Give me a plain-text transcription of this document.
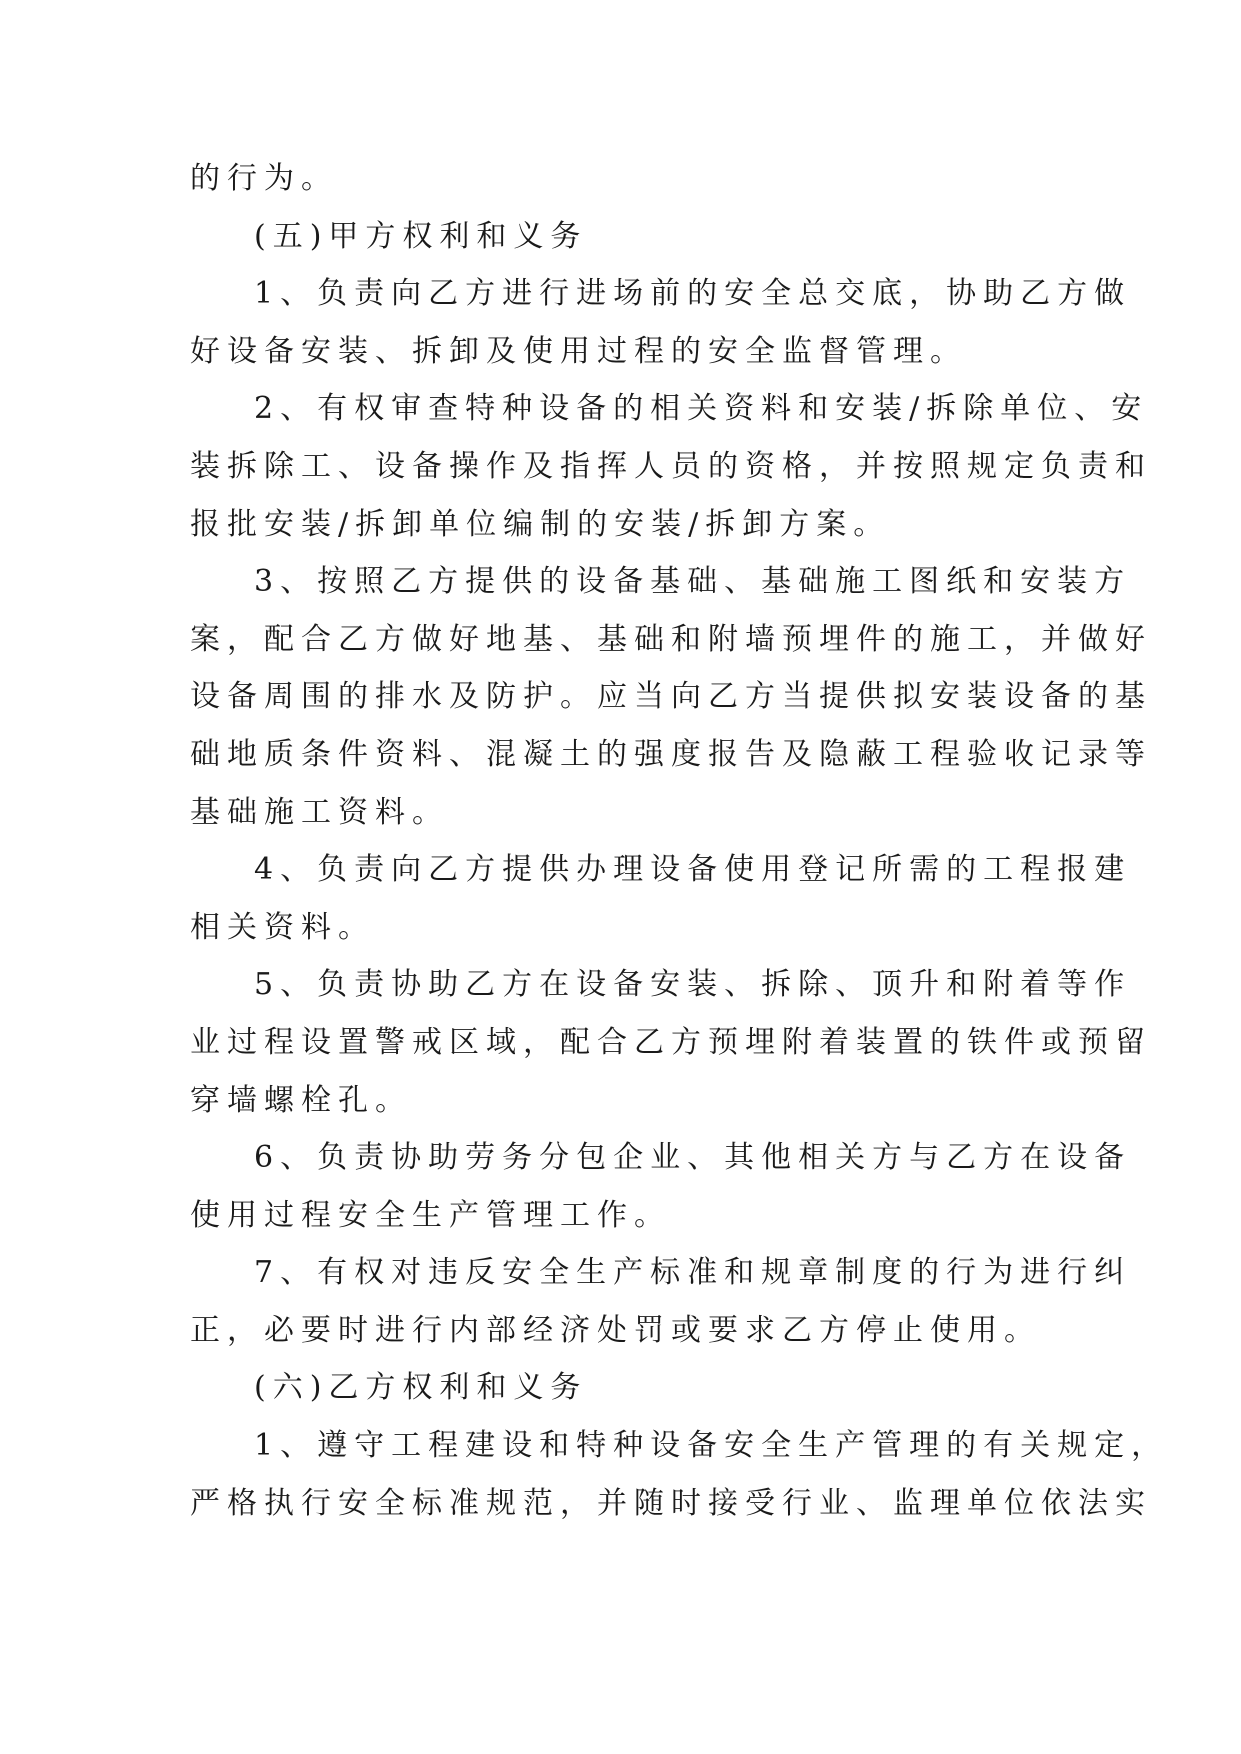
的行为。
(五)甲方权利和义务
1、负责向乙方进行进场前的安全总交底，协助乙方做
好设备安装、拆卸及使用过程的安全监督管理。
2、有权审查特种设备的相关资料和安装/拆除单位、安
装拆除工、设备操作及指挥人员的资格，并按照规定负责和
报批安装/拆卸单位编制的安装/拆卸方案。
3、按照乙方提供的设备基础、基础施工图纸和安装方
案，配合乙方做好地基、基础和附墙预埋件的施工，并做好
设备周围的排水及防护。应当向乙方当提供拟安装设备的基
础地质条件资料、混凝土的强度报告及隐蔽工程验收记录等
基础施工资料。
4、负责向乙方提供办理设备使用登记所需的工程报建
相关资料。
5、负责协助乙方在设备安装、拆除、顶升和附着等作
业过程设置警戒区域，配合乙方预埋附着装置的铁件或预留
穿墙螺栓孔。
6、负责协助劳务分包企业、其他相关方与乙方在设备
使用过程安全生产管理工作。
7、有权对违反安全生产标准和规章制度的行为进行纠
正，必要时进行内部经济处罚或要求乙方停止使用。
(六)乙方权利和义务
1、遵守工程建设和特种设备安全生产管理的有关规定，
严格执行安全标准规范，并随时接受行业、监理单位依法实
